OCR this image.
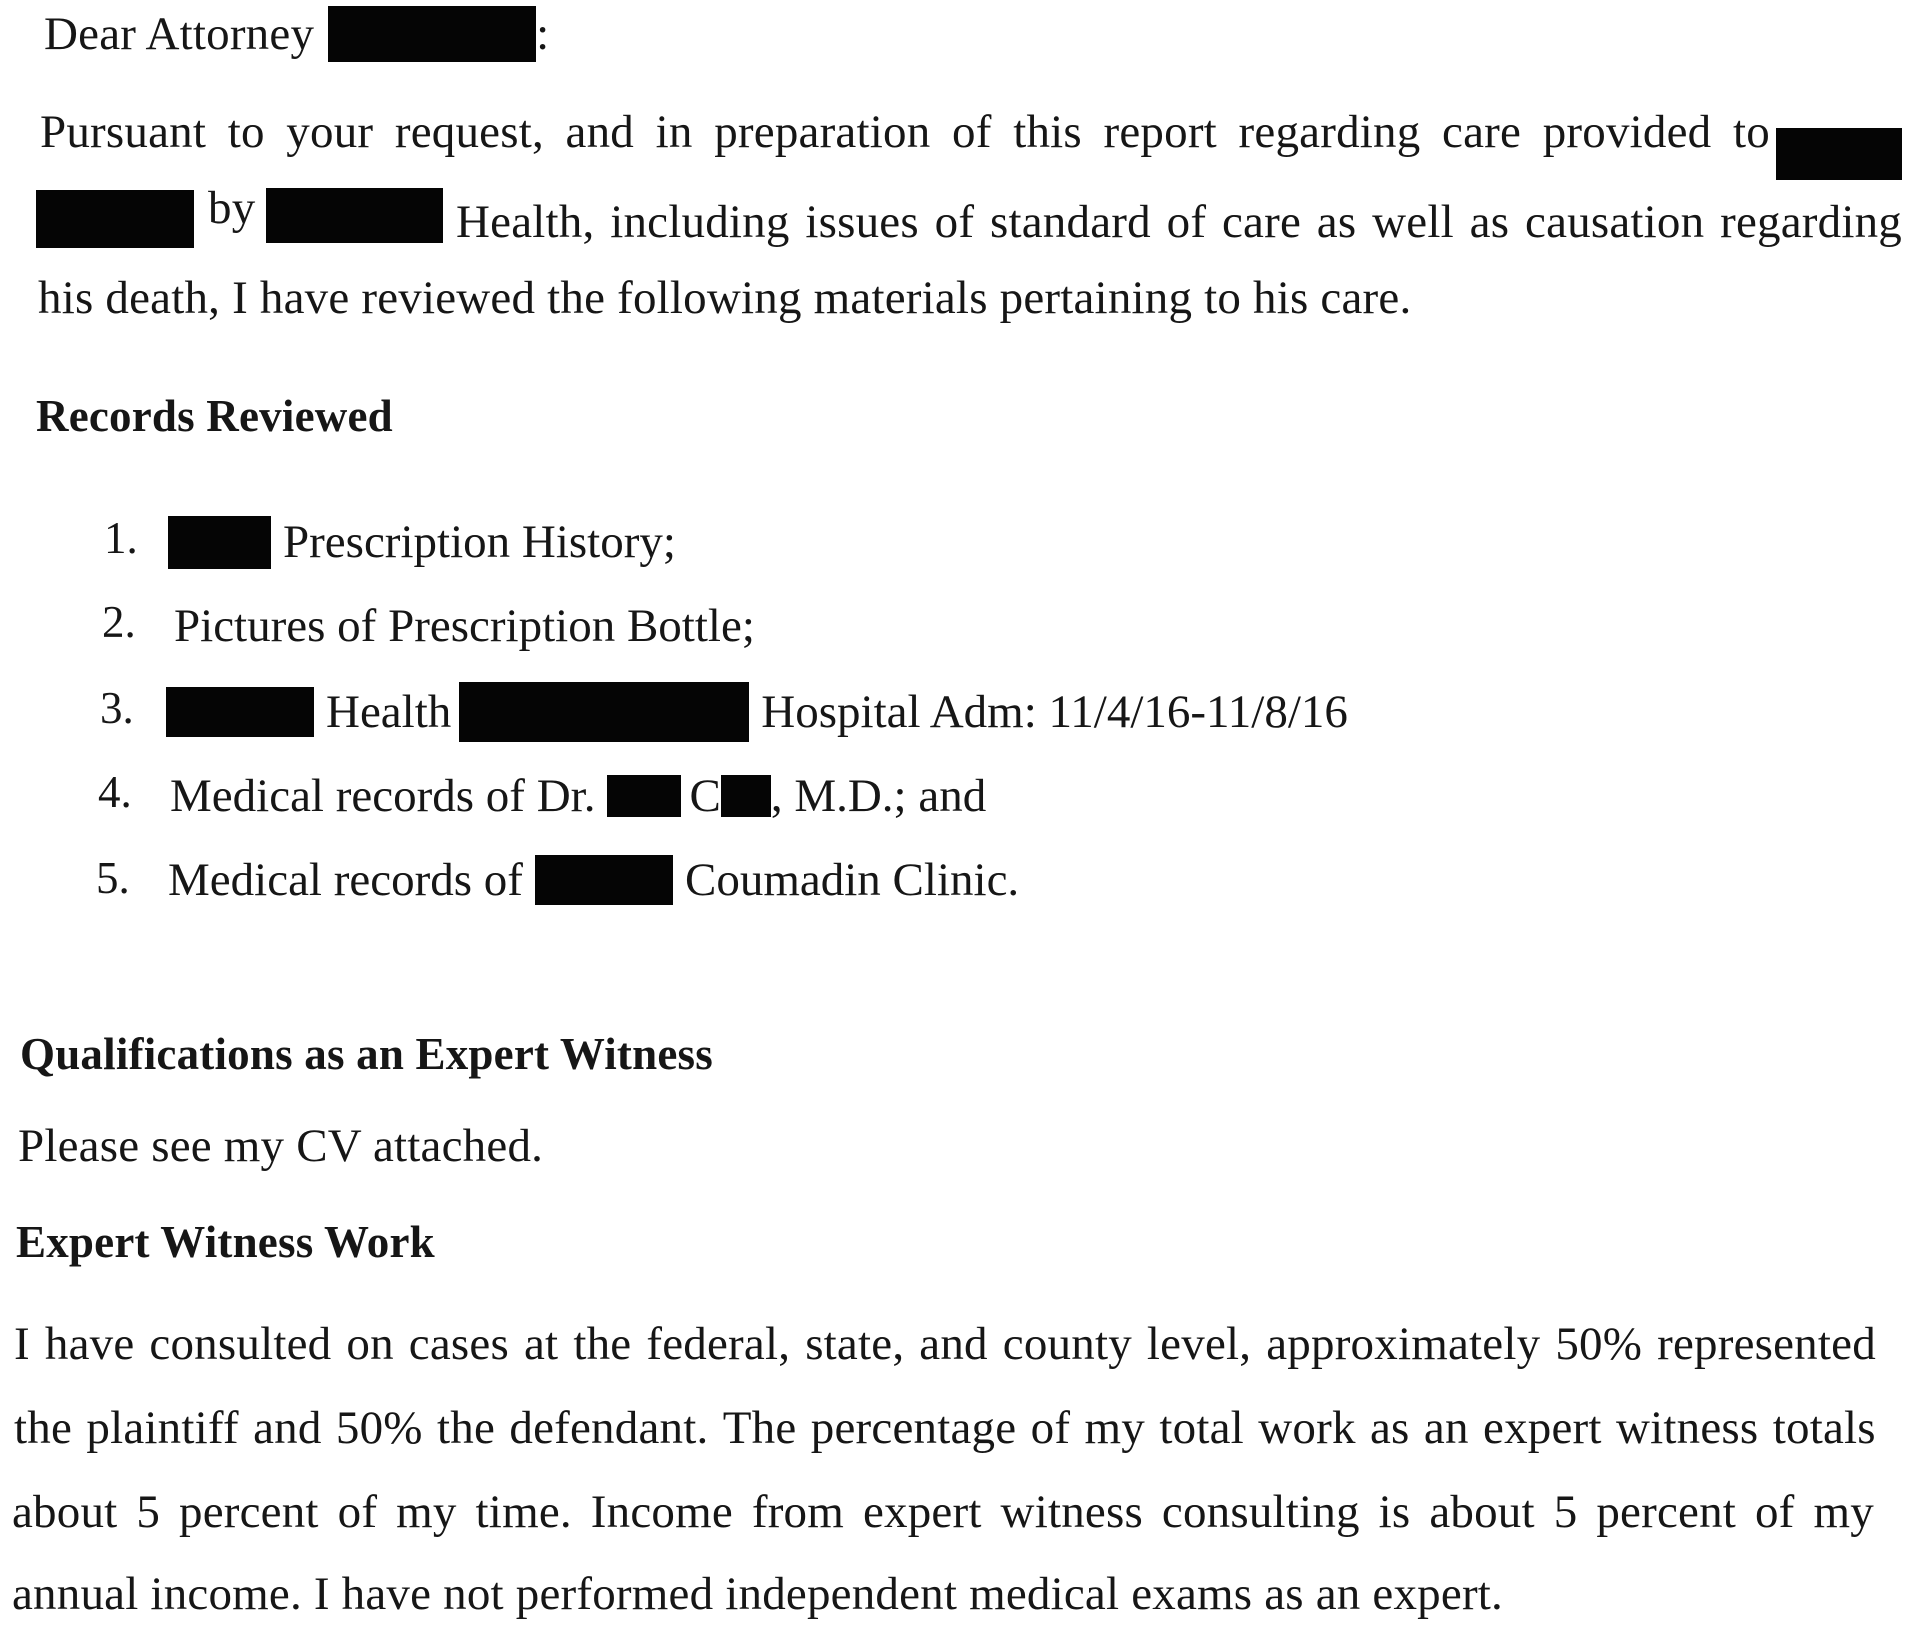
Dear Attorney	:
Pursuant to your request, and in preparation of this report regarding care provided to
by	Health, including issues of standard of care as well as causation regarding
his death, I have reviewed the following materials pertaining to his care.
Records Reviewed
1.	Prescription History;
2. Pictures of Prescription Bottle;
3.	Health	Hospital Adm: 11/4/16-11/8/16
4. Medical records of Dr. C , M.D.; and
5. Medical records of	Coumadin Clinic.
Qualifications as an Expert Witness
Please see my CV attached.
Expert Witness Work
I have consulted on cases at the federal, state, and county level, approximately 50% represented
the plaintiff and 50% the defendant. The percentage of my total work as an expert witness totals
about 5 percent of my time. Income from expert witness consulting is about 5 percent of my
annual income. I have not performed independent medical exams as an expert.
